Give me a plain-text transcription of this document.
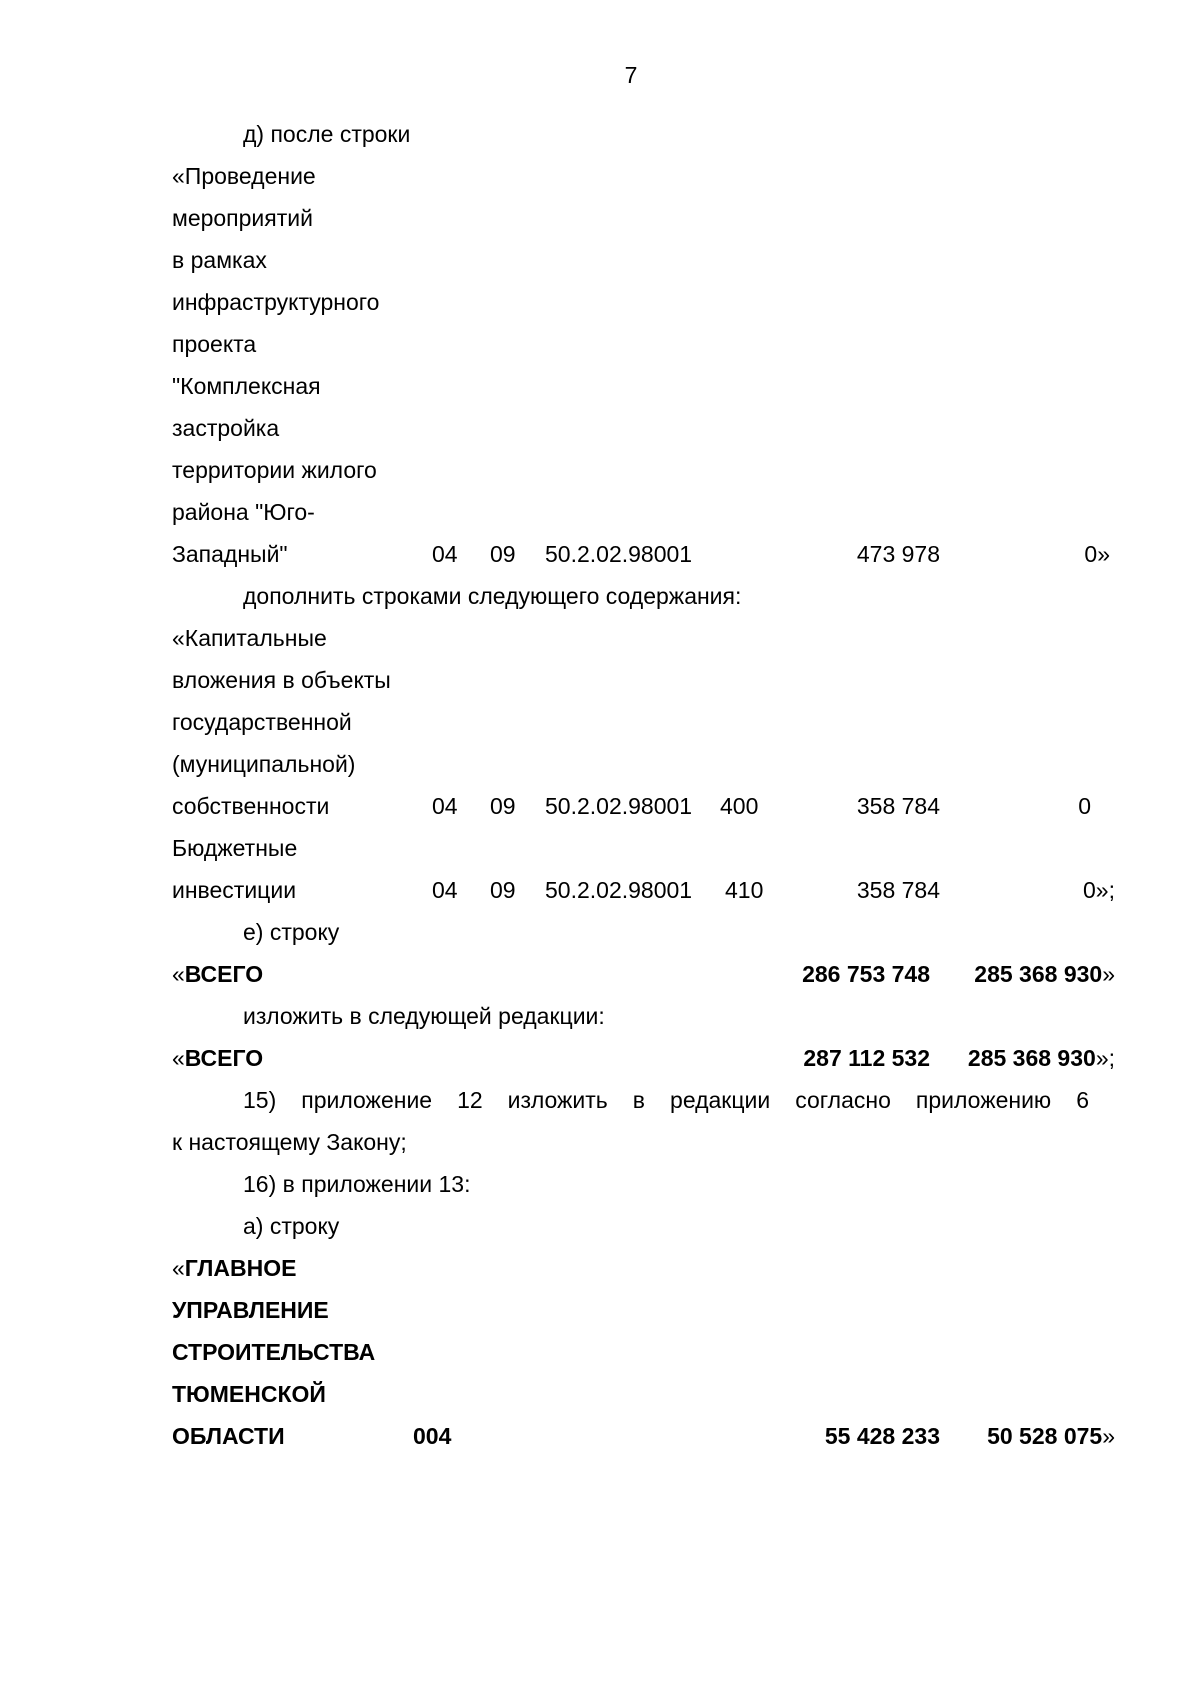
7
д) после строки
«Проведение
мероприятий
в рамках
инфраструктурного
проекта
"Комплексная
застройка
территории жилого
района "Юго-
Западный"	04 09 50.2.02.98001	473 978	0»
дополнить строками следующего содержания:
«Капитальные
вложения в объекты
государственной
(муниципальной)
собственности	04 09 50.2.02.98001 400	358 784	0
Бюджетные
инвестиции	04 09 50.2.02.98001 410	358 784	0»;
е) строку
«ВСЕГО	286 753 748	285 368 930»
изложить в следующей редакции:
«ВСЕГО	287 112 532	285 368 930»;
15) приложение 12 изложить в редакции согласно приложению 6
к настоящему Закону;
16) в приложении 13:
а) строку
«ГЛАВНОЕ
УПРАВЛЕНИЕ
СТРОИТЕЛЬСТВА
ТЮМЕНСКОЙ
ОБЛАСТИ	004	55 428 233	50 528 075»
